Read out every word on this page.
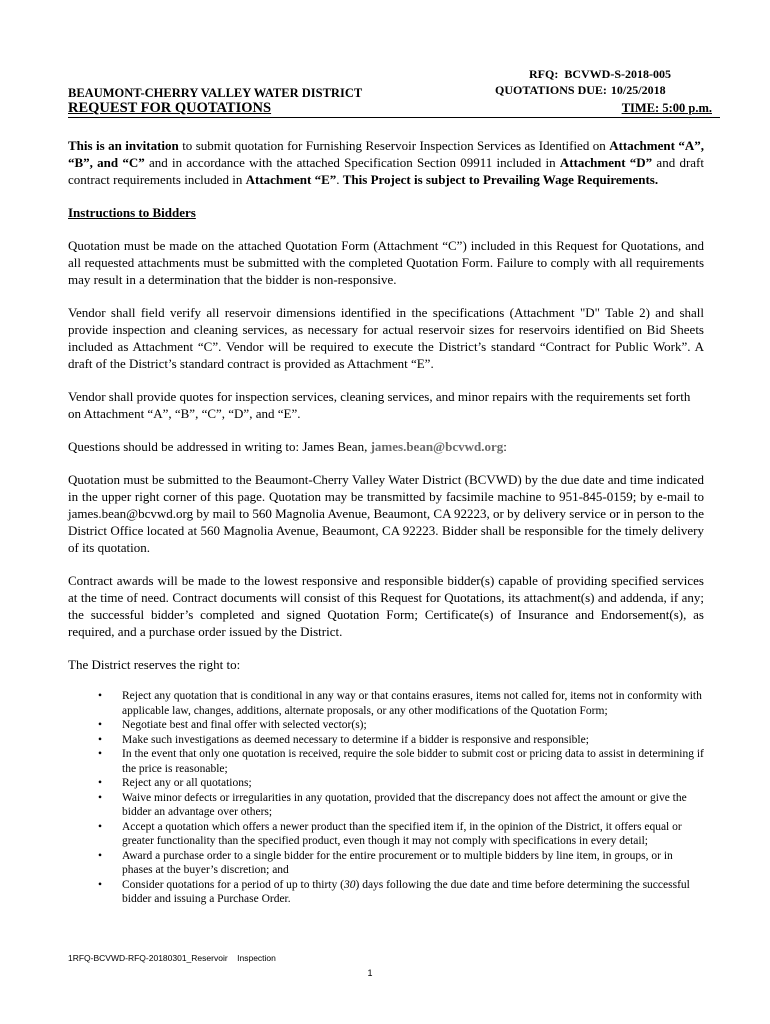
RFQ: BCVWD-S-2018-005
QUOTATIONS DUE: 10/25/2018
BEAUMONT-CHERRY VALLEY WATER DISTRICT
REQUEST FOR QUOTATIONS	TIME: 5:00 p.m.

This is an invitation to submit quotation for Furnishing Reservoir Inspection Services as Identified on Attachment “A”, “B”, and “C” and in accordance with the attached Specification Section 09911 included in Attachment “D” and draft contract requirements included in Attachment “E”. This Project is subject to Prevailing Wage Requirements.

Instructions to Bidders

Quotation must be made on the attached Quotation Form (Attachment “C”) included in this Request for Quotations, and all requested attachments must be submitted with the completed Quotation Form. Failure to comply with all requirements may result in a determination that the bidder is non-responsive.

Vendor shall field verify all reservoir dimensions identified in the specifications (Attachment "D" Table 2) and shall provide inspection and cleaning services, as necessary for actual reservoir sizes for reservoirs identified on Bid Sheets included as Attachment “C”. Vendor will be required to execute the District’s standard “Contract for Public Work”. A draft of the District’s standard contract is provided as Attachment “E”.

Vendor shall provide quotes for inspection services, cleaning services, and minor repairs with the requirements set forth on Attachment “A”, “B”, “C”, “D”, and “E”.

Questions should be addressed in writing to: James Bean, james.bean@bcvwd.org:

Quotation must be submitted to the Beaumont-Cherry Valley Water District (BCVWD) by the due date and time indicated in the upper right corner of this page. Quotation may be transmitted by facsimile machine to 951-845-0159; by e-mail to james.bean@bcvwd.org by mail to 560 Magnolia Avenue, Beaumont, CA 92223, or by delivery service or in person to the District Office located at 560 Magnolia Avenue, Beaumont, CA 92223. Bidder shall be responsible for the timely delivery of its quotation.

Contract awards will be made to the lowest responsive and responsible bidder(s) capable of providing specified services at the time of need. Contract documents will consist of this Request for Quotations, its attachment(s) and addenda, if any; the successful bidder’s completed and signed Quotation Form; Certificate(s) of Insurance and Endorsement(s), as required, and a purchase order issued by the District.

The District reserves the right to:

• Reject any quotation that is conditional in any way or that contains erasures, items not called for, items not in conformity with applicable law, changes, additions, alternate proposals, or any other modifications of the Quotation Form;
• Negotiate best and final offer with selected vector(s);
• Make such investigations as deemed necessary to determine if a bidder is responsive and responsible;
• In the event that only one quotation is received, require the sole bidder to submit cost or pricing data to assist in determining if the price is reasonable;
• Reject any or all quotations;
• Waive minor defects or irregularities in any quotation, provided that the discrepancy does not affect the amount or give the bidder an advantage over others;
• Accept a quotation which offers a newer product than the specified item if, in the opinion of the District, it offers equal or greater functionality than the specified product, even though it may not comply with specifications in every detail;
• Award a purchase order to a single bidder for the entire procurement or to multiple bidders by line item, in groups, or in phases at the buyer’s discretion; and
• Consider quotations for a period of up to thirty (30) days following the due date and time before determining the successful bidder and issuing a Purchase Order.
1RFQ-BCVWD-RFQ-20180301_Reservoir Inspection
1
